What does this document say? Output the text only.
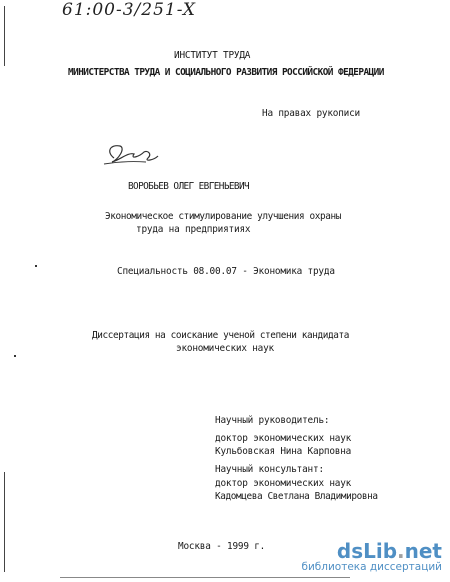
61:00-3/251-X
ИНСТИТУТ ТРУДА
МИНИСТЕРСТВА ТРУДА И СОЦИАЛЬНОГО РАЗВИТИЯ РОССИЙСКОЙ ФЕДЕРАЦИИ
На правах рукописи
ВОРОБЬЕВ ОЛЕГ ЕВГЕНЬЕВИЧ
Экономическое стимулирование улучшения охраны
труда на предприятиях
Специальность 08.00.07 - Экономика труда
Диссертация на соискание ученой степени кандидата
экономических наук
Научный руководитель:
доктор экономических наук
Кульбовская Нина Карповна
Научный консультант:
доктор экономических наук
Кадомцева Светлана Владимировна
Москва - 1999 г.	dsLib.net
библиотека диссертаций
